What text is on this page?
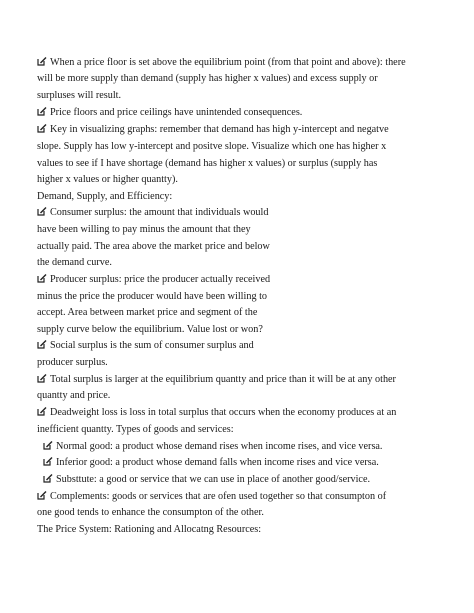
When a price floor is set above the equilibrium point (from that point and above): there
will be more supply than demand (supply has higher x values) and excess supply or
surpluses will result.
Price floors and price ceilings have unintended consequences.
Key in visualizing graphs: remember that demand has high y-intercept and negatve
slope. Supply has low y-intercept and positve slope. Visualize which one has higher x
values to see if I have shortage (demand has higher x values) or surplus (supply has
higher x values or higher quantty).
Demand, Supply, and Efficiency:
Consumer surplus: the amount that individuals would
have been willing to pay minus the amount that they
actually paid. The area above the market price and below
the demand curve.
Producer surplus: price the producer actually received
minus the price the producer would have been willing to
accept. Area between market price and segment of the
supply curve below the equilibrium. Value lost or won?
Social surplus is the sum of consumer surplus and
producer surplus.
Total surplus is larger at the equilibrium quantty and price than it will be at any other
quantty and price.
Deadweight loss is loss in total surplus that occurs when the economy produces at an
inefficient quantty. Types of goods and services:
Normal good: a product whose demand rises when income rises, and vice versa.
Inferior good: a product whose demand falls when income rises and vice versa.
Substtute: a good or service that we can use in place of another good/service.
Complements: goods or services that are ofen used together so that consumpton of
one good tends to enhance the consumpton of the other.
The Price System: Rationing and Allocatng Resources:
